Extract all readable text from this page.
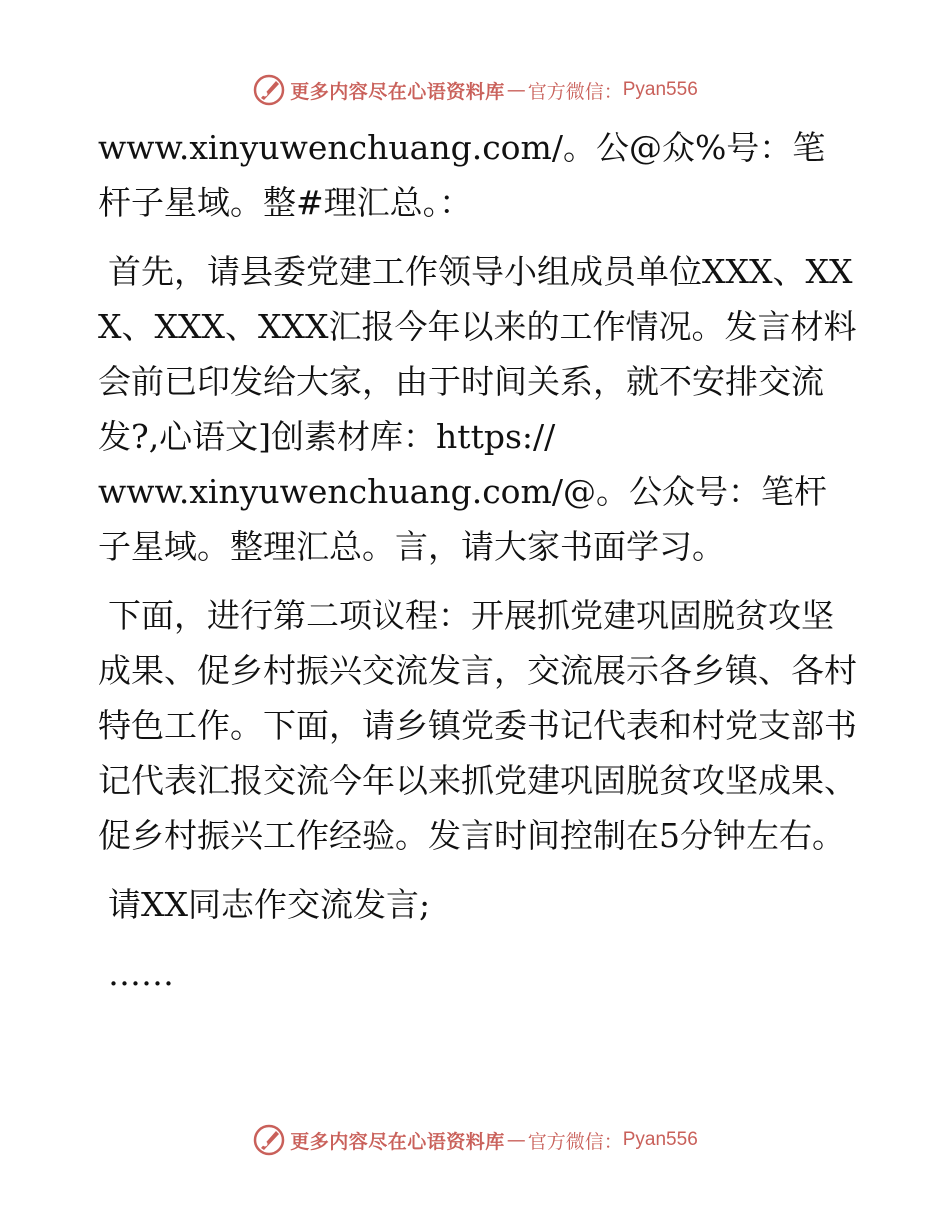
更多内容尽在心语资料库 — 官方微信： Pyan556

www.xinyuwenchuang.com/。公@众%号：笔杆子星域。整#理汇总。：

首先，请县委党建工作领导小组成员单位XXX、XXX、XXX、XXX汇报今年以来的工作情况。发言材料会前已印发给大家，由于时间关系，就不安排交流发?,心语文]创素材库：https://
www.xinyuwenchuang.com/@。公众号：笔杆子星域。整理汇总。言，请大家书面学习。

下面，进行第二项议程：开展抓党建巩固脱贫攻坚成果、促乡村振兴交流发言，交流展示各乡镇、各村特色工作。下面，请乡镇党委书记代表和村党支部书记代表汇报交流今年以来抓党建巩固脱贫攻坚成果、促乡村振兴工作经验。发言时间控制在5分钟左右。

请XX同志作交流发言;

……

更多内容尽在心语资料库 — 官方微信： Pyan556
